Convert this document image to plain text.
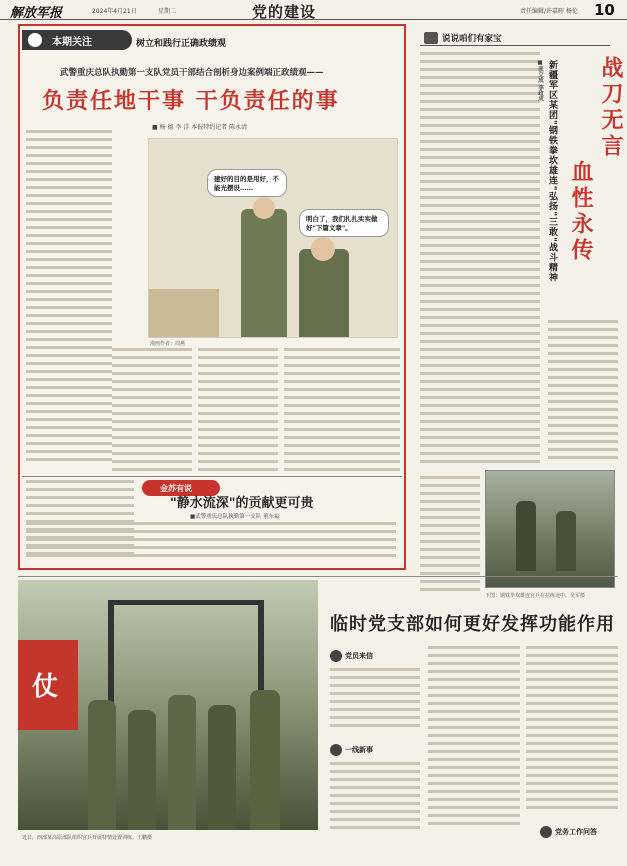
解放军报	2024年4月21日	星期二	党的建设	责任编辑/许嘉晖 杨伦 10
本期关注	树立和践行正确政绩观
武警重庆总队执勤第一支队党员干部结合剖析身边案例端正政绩观——
负责任地干事 干负责任的事
■ 杨 德 李 洋 本报特约记者 陈永清
建好的目的是用好，不能光摆设……
明白了，我们扎扎实实做好"下篇文章"。
漫画作者：周燕
金苏有说
"静水流深"的贡献更可贵
■武警重庆总队执勤第一支队 董东福
说说咱们有家宝
战刀无言
血性永传
新疆军区某团"钢铁拳坎雄连"弘扬"三敢"战斗精神
■张立成 李政成
下图：钢铁拳坎雄连官兵在拉练途中。吴军摄
仗
近日，西部某高原部队组织官兵开展特情处置训练。王鹏摄
临时党支部如何更好发挥功能作用
党员来信
一线新事
党务工作问答
